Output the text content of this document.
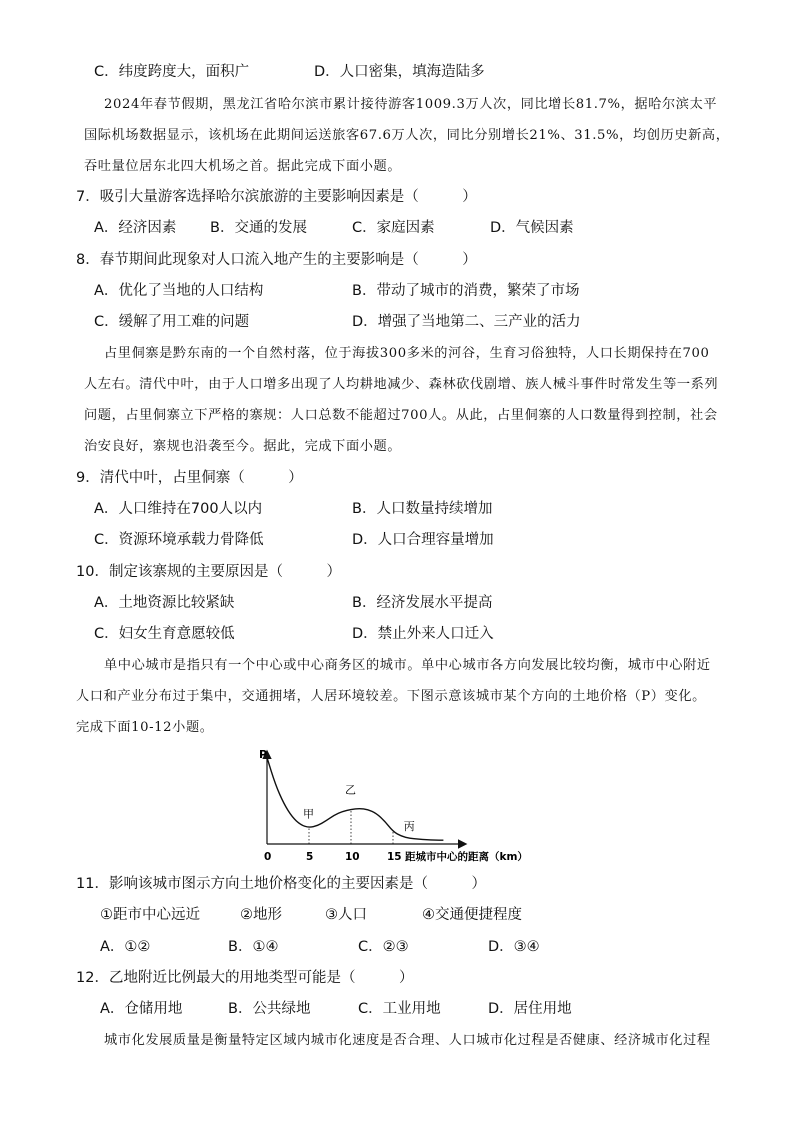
C．纬度跨度大，面积广	D．人口密集，填海造陆多
2024年春节假期，黑龙江省哈尔滨市累计接待游客1009.3万人次，同比增长81.7%，据哈尔滨太平
国际机场数据显示，该机场在此期间运送旅客67.6万人次，同比分别增长21%、31.5%，均创历史新高，
吞吐量位居东北四大机场之首。据此完成下面小题。
7．吸引大量游客选择哈尔滨旅游的主要影响因素是（　　　）
A．经济因素 B．交通的发展	C．家庭因素	D．气候因素
8．春节期间此现象对人口流入地产生的主要影响是（　　　）
A．优化了当地的人口结构	B．带动了城市的消费，繁荣了市场
C．缓解了用工难的问题	D．增强了当地第二、三产业的活力
占里侗寨是黔东南的一个自然村落，位于海拔300多米的河谷，生育习俗独特，人口长期保持在700
人左右。清代中叶，由于人口增多出现了人均耕地减少、森林砍伐剧增、族人械斗事件时常发生等一系列
问题，占里侗寨立下严格的寨规：人口总数不能超过700人。从此，占里侗寨的人口数量得到控制，社会
治安良好，寨规也沿袭至今。据此，完成下面小题。
9．清代中叶，占里侗寨（　　　）
A．人口维持在700人以内	B．人口数量持续增加
C．资源环境承载力骨降低	D．人口合理容量增加
10．制定该寨规的主要原因是（　　　）
A．土地资源比较紧缺	B．经济发展水平提高
C．妇女生育意愿较低	D．禁止外来人口迁入
单中心城市是指只有一个中心或中心商务区的城市。单中心城市各方向发展比较均衡，城市中心附近
人口和产业分布过于集中，交通拥堵，人居环境较差。下图示意该城市某个方向的土地价格（P）变化。
完成下面10-12小题。
P
距城市中心的距离（km）
0	5	10	15
甲
乙
丙
11．影响该城市图示方向土地价格变化的主要因素是（　　　）
①距市中心远近	②地形	③人口	④交通便捷程度
A．①②	B．①④	C．②③	D．③④
12．乙地附近比例最大的用地类型可能是（　　　）
A．仓储用地	B．公共绿地	C．工业用地	D．居住用地
城市化发展质量是衡量特定区域内城市化速度是否合理、人口城市化过程是否健康、经济城市化过程
